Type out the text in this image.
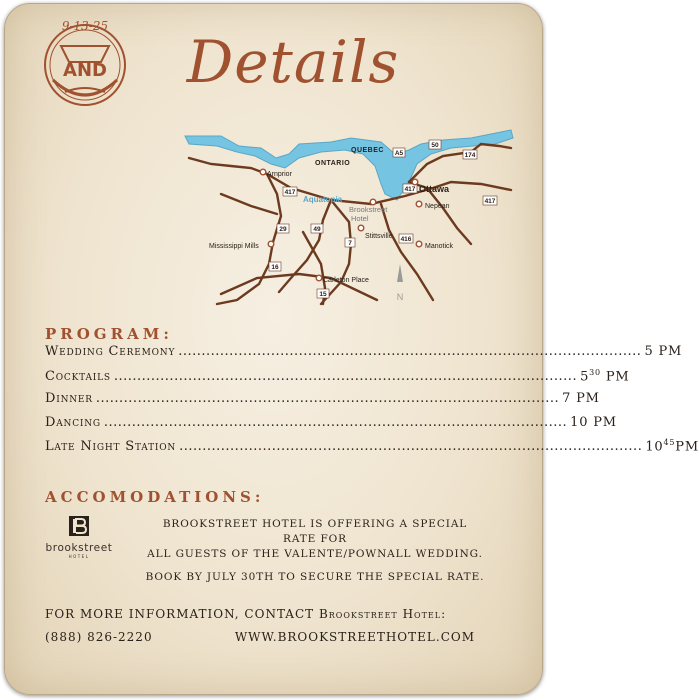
9-13-25
AND Details
417	417
417
29	49
7
16
15
416
50
174
A5
QUEBEC
ONTARIO
Arnprior
Aquatopia
Brookstreet
Hotel
Ottawa
Nepean
Stittsville
Manotick
Mississippi Mills
Carleton Place
N
PROGRAM:
Wedding Ceremony .................................................................................................... 5 PM
Cocktails .................................................................................................... $5^{30}$ PM
Dinner .................................................................................................... 7 PM
Dancing .................................................................................................... 10 PM
Late Night Station .................................................................................................... $10^{45}PM$
ACCOMODATIONS:
brookstreet
HOTEL

BROOKSTREET HOTEL IS OFFERING A SPECIAL RATE FOR

ALL GUESTS OF THE VALENTE/POWNALL WEDDING.

BOOK BY JULY 30TH TO SECURE THE SPECIAL RATE.

FOR MORE INFORMATION, CONTACT Brookstreet Hotel:
(888) 826-2220	WWW.BROOKSTREETHOTEL.COM
